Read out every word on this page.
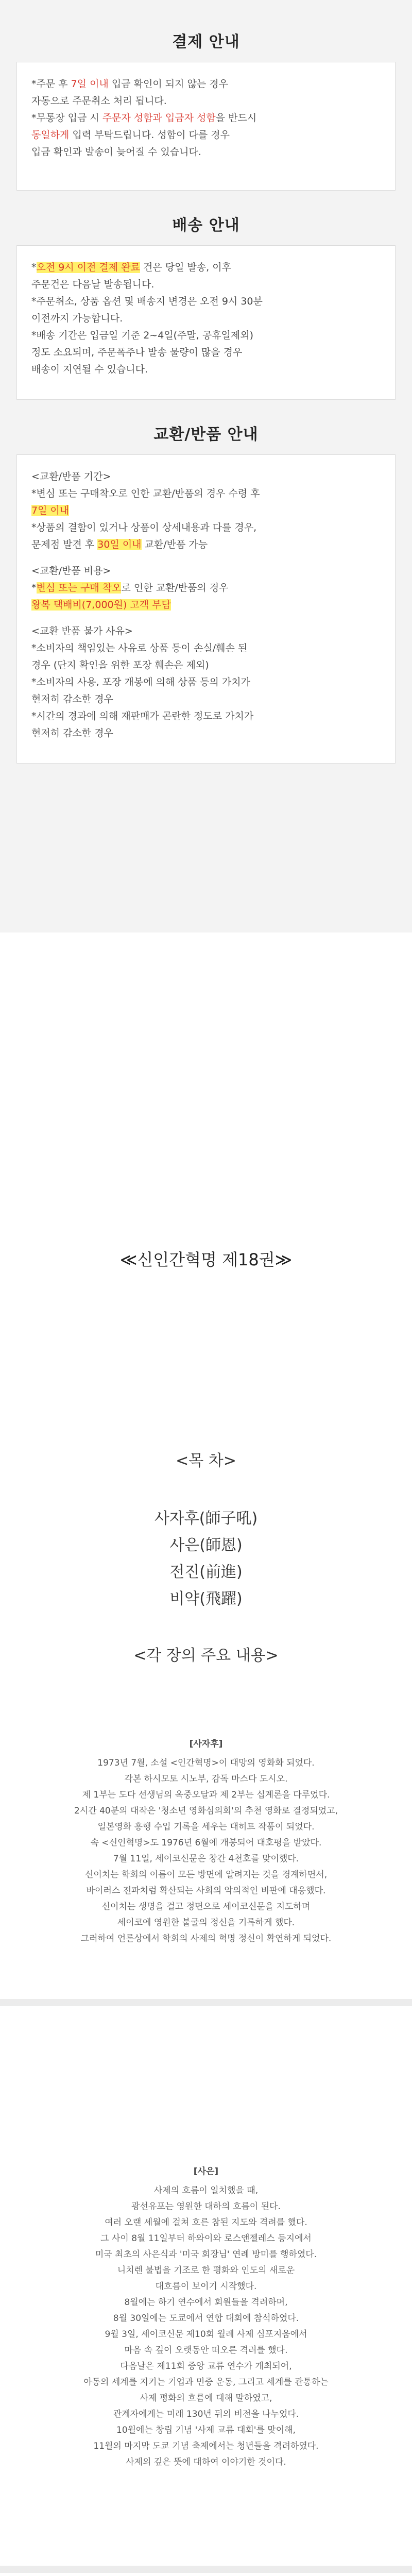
결제 안내

*주문 후 7일 이내 입금 확인이 되지 않는 경우

자동으로 주문취소 처리 됩니다.

*무통장 입금 시 주문자 성함과 입금자 성함을 반드시

동일하게 입력 부탁드립니다. 성함이 다를 경우

입금 확인과 발송이 늦어질 수 있습니다.

배송 안내

*오전 9시 이전 결제 완료 건은 당일 발송, 이후

주문건은 다음날 발송됩니다.

*주문취소, 상품 옵션 및 배송지 변경은 오전 9시 30분

이전까지 가능합니다.

*배송 기간은 입금일 기준 2~4일(주말, 공휴일제외)

정도 소요되며, 주문폭주나 발송 물량이 많을 경우

배송이 지연될 수 있습니다.

교환/반품 안내

<교환/반품 기간>

*변심 또는 구매착오로 인한 교환/반품의 경우 수령 후

7일 이내

*상품의 결함이 있거나 상품이 상세내용과 다를 경우,

문제점 발견 후 30일 이내 교환/반품 가능

<교환/반품 비용>

*변심 또는 구매 착오로 인한 교환/반품의 경우

왕복 택배비(7,000원) 고객 부담

<교환 반품 불가 사유>

*소비자의 책임있는 사유로 상품 등이 손실/훼손 된

경우 (단지 확인을 위한 포장 훼손은 제외)

*소비자의 사용, 포장 개봉에 의해 상품 등의 가치가

현저히 감소한 경우

*시간의 경과에 의해 재판매가 곤란한 정도로 가치가

현저히 감소한 경우

≪신인간혁명 제18권≫
<목 차>
사자후(師子吼)
사은(師恩)
전진(前進)
비약(飛躍)
<각 장의 주요 내용>
[사자후]

1973년 7월, 소설 <인간혁명>이 대망의 영화화 되었다.

각본 하시모토 시노부, 감독 마스다 도시오.

제 1부는 도다 선생님의 옥중오달과 제 2부는 십계론을 다루었다.

2시간 40분의 대작은 '청소년 영화심의회'의 추천 영화로 결정되었고,

일본영화 흥행 수입 기록을 세우는 대히트 작품이 되었다.

속 <신인혁명>도 1976년 6월에 개봉되어 대호평을 받았다.

7월 11일, 세이코신문은 창간 4천호를 맞이했다.

신이치는 학회의 이름이 모든 방면에 알려지는 것을 경계하면서,

바이러스 전파처럼 확산되는 사회의 악의적인 비판에 대응했다.

신이치는 생명을 걸고 정면으로 세이코신문을 지도하며

세이코에 영원한 불굴의 정신을 기록하게 했다.

그러하여 언론상에서 학회의 사제의 혁명 정신이 확연하게 되었다.

[사은]

사제의 흐름이 일치했을 때,

광선유포는 영원한 대하의 흐름이 된다.

여러 오랜 세월에 걸쳐 흐른 참된 지도와 격려를 했다.

그 사이 8월 11일부터 하와이와 로스앤젤레스 등지에서

미국 최초의 사은식과 '미국 회장님' 연례 방미를 행하였다.

니치렌 불법을 기조로 한 평화와 인도의 새로운

대흐름이 보이기 시작했다.

8월에는 하기 연수에서 회원들을 격려하며,

8월 30일에는 도쿄에서 연합 대회에 참석하였다.

9월 3일, 세이코신문 제10회 월례 사제 심포지움에서

마음 속 깊이 오랫동안 떠오른 격려를 했다.

다음날은 제11회 중앙 교류 연수가 개최되어,

아동의 세계를 지키는 기업과 민중 운동, 그리고 세계를 관통하는

사제 평화의 흐름에 대해 말하였고,

관계자에게는 미래 130년 뒤의 비전을 나누었다.

10월에는 창립 기념 '사제 교류 대회'를 맞이해,

11월의 마지막 도쿄 기념 축제에서는 청년들을 격려하였다.

사제의 깊은 뜻에 대하여 이야기한 것이다.
